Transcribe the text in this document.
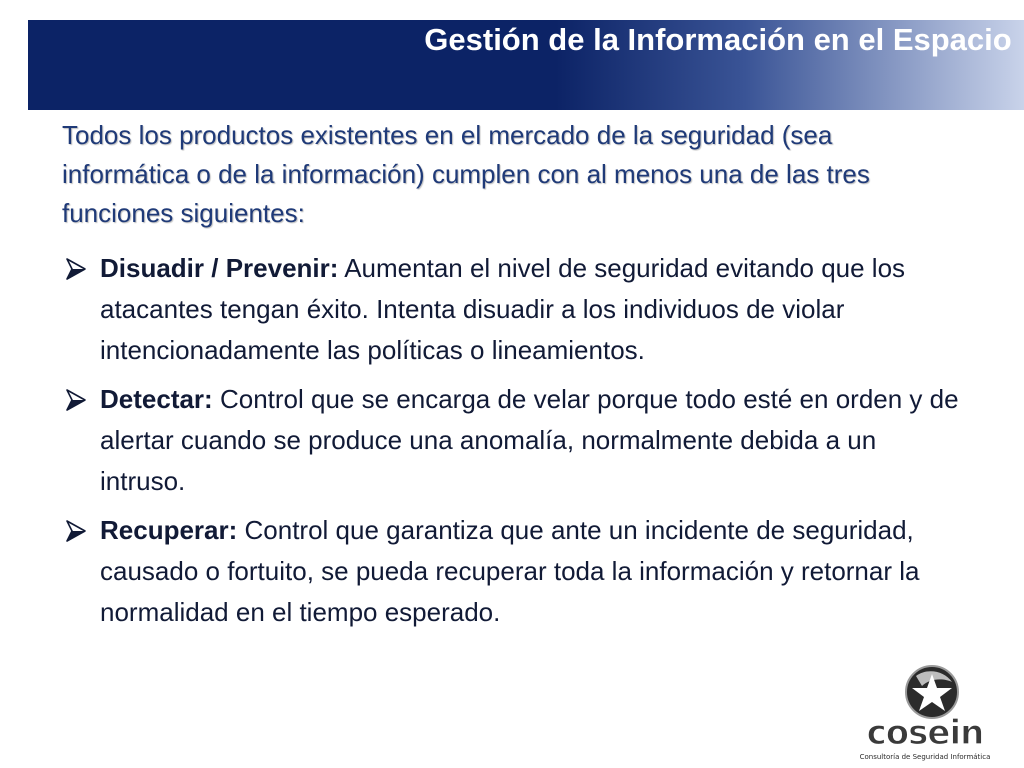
Gestión de la Información en el Espacio

Todos los productos existentes en el mercado de la seguridad (sea informática o de la información) cumplen con al menos una de las tres funciones siguientes:

Disuadir / Prevenir: Aumentan el nivel de seguridad evitando que los atacantes tengan éxito. Intenta disuadir a los individuos de violar intencionadamente las políticas o lineamientos.
Detectar: Control que se encarga de velar porque todo esté en orden y de alertar cuando se produce una anomalía, normalmente debida a un intruso.
Recuperar: Control que garantiza que ante un incidente de seguridad, causado o fortuito, se pueda recuperar toda la información y retornar la normalidad en el tiempo esperado.
cosein
Consultoría de Seguridad Informática
